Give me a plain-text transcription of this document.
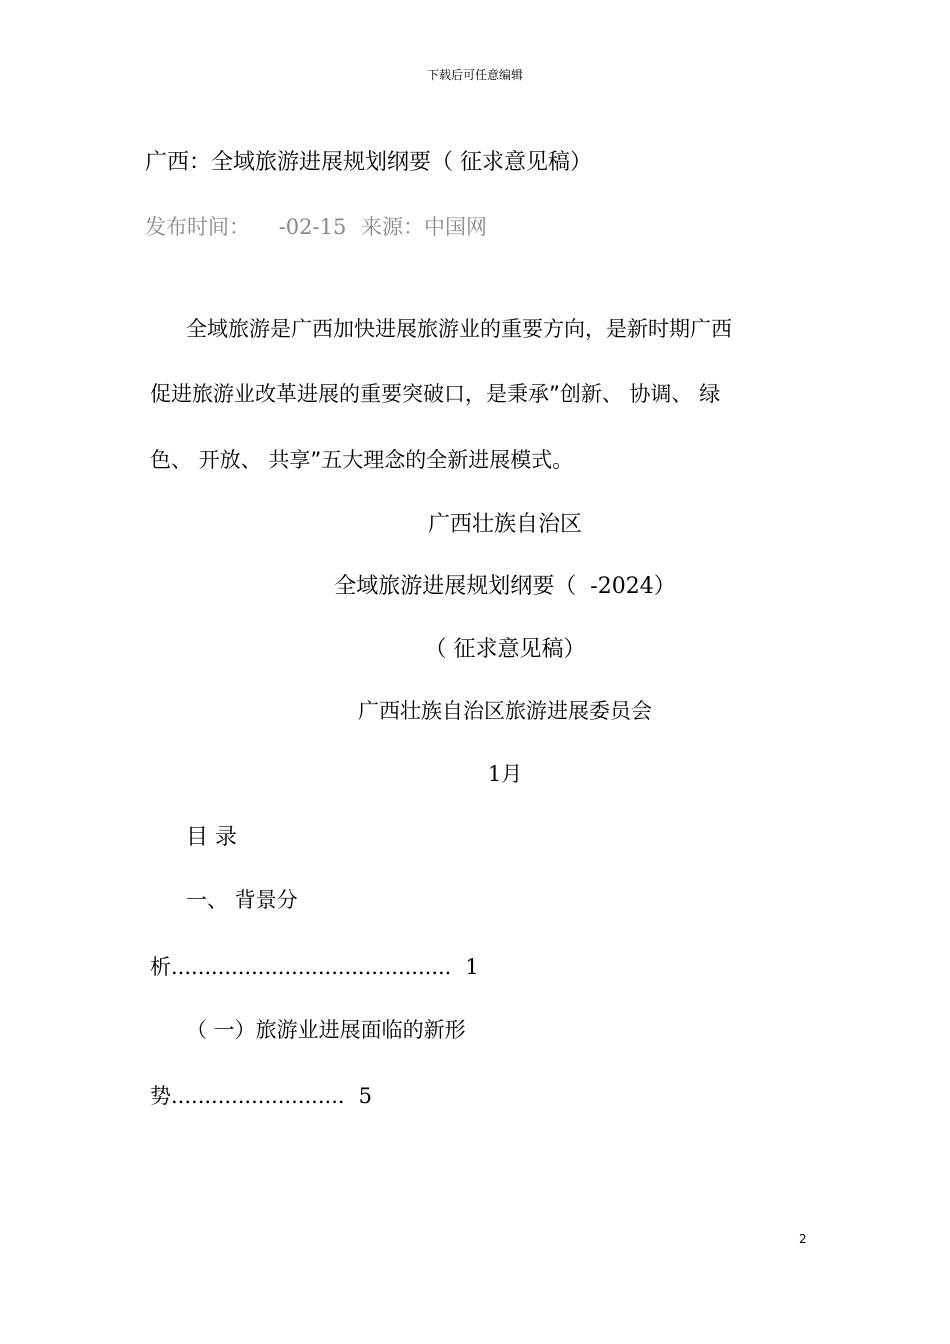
下载后可任意编辑
广西：全域旅游进展规划纲要（ 征求意见稿）
发布时间： -02-15 来源：中国网
全域旅游是广西加快进展旅游业的重要方向，是新时期广西
促进旅游业改革进展的重要突破口，是秉承”创新、 协调、 绿
色、 开放、 共享”五大理念的全新进展模式。
广西壮族自治区
全域旅游进展规划纲要（ -2024）
（ 征求意见稿）
广西壮族自治区旅游进展委员会
1月
目 录
一、 背景分
析.......................................... 1
（ 一）旅游业进展面临的新形
势.......................... 5
2
